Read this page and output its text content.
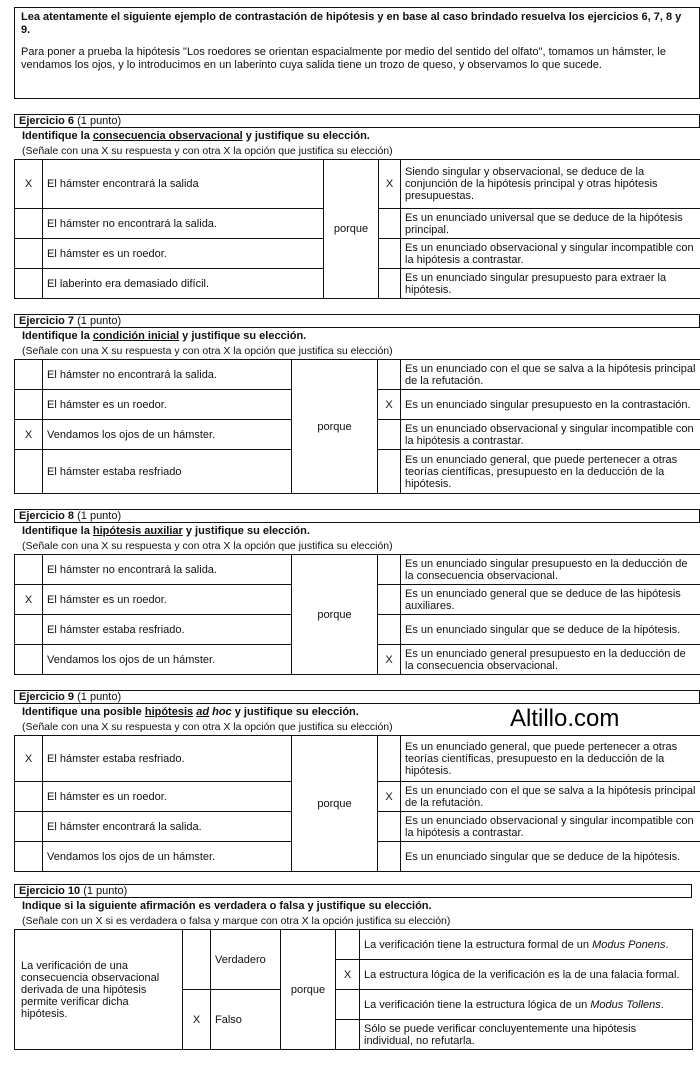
Lea atentamente el siguiente ejemplo de contrastación de hipótesis y en base al caso brindado resuelva los ejercicios 6, 7, 8 y 9.
Para poner a prueba la hipótesis "Los roedores se orientan espacialmente por medio del sentido del olfato", tomamos un hámster, le vendamos los ojos, y lo introducimos en un laberinto cuya salida tiene un trozo de queso, y observamos lo que sucede.
Ejercicio 6 (1 punto)
Identifique la consecuencia observacional y justifique su elección.
(Señale con una X su respuesta y con otra X la opción que justifica su elección)
X	El hámster encontrará la salida	porque	X	Siendo singular y observacional, se deduce de la conjunción de la hipótesis principal y otras hipótesis presupuestas.
	El hámster no encontrará la salida.			Es un enunciado universal que se deduce de la hipótesis principal.
	El hámster es un roedor.			Es un enunciado observacional y singular incompatible con la hipótesis a contrastar.
	El laberinto era demasiado difícil.			Es un enunciado singular presupuesto para extraer la hipótesis.
Ejercicio 7 (1 punto)
Identifique la condición inicial y justifique su elección.
(Señale con una X su respuesta y con otra X la opción que justifica su elección)
	El hámster no encontrará la salida.	porque		Es un enunciado con el que se salva a la hipótesis principal de la refutación.
	El hámster es un roedor.		X	Es un enunciado singular presupuesto en la contrastación.
X	Vendamos los ojos de un hámster.			Es un enunciado observacional y singular incompatible con la hipótesis a contrastar.
	El hámster estaba resfriado			Es un enunciado general, que puede pertenecer a otras teorías científicas, presupuesto en la deducción de la hipótesis.
Ejercicio 8 (1 punto)
Identifique la hipótesis auxiliar y justifique su elección.
(Señale con una X su respuesta y con otra X la opción que justifica su elección)
	El hámster no encontrará la salida.	porque		Es un enunciado singular presupuesto en la deducción de la consecuencia observacional.
X	El hámster es un roedor.			Es un enunciado general que se deduce de las hipótesis auxiliares.
	El hámster estaba resfriado.			Es un enunciado singular que se deduce de la hipótesis.
	Vendamos los ojos de un hámster.		X	Es un enunciado general presupuesto en la deducción de la consecuencia observacional.
Ejercicio 9 (1 punto)
Identifique una posible hipótesis ad hoc y justifique su elección.
(Señale con una X su respuesta y con otra X la opción que justifica su elección)	Altillo.com
X	El hámster estaba resfriado.	porque		Es un enunciado general, que puede pertenecer a otras teorías científicas, presupuesto en la deducción de la hipótesis.
	El hámster es un roedor.		X	Es un enunciado con el que se salva a la hipótesis principal de la refutación.
	El hámster encontrará la salida.			Es un enunciado observacional y singular incompatible con la hipótesis a contrastar.
	Vendamos los ojos de un hámster.			Es un enunciado singular que se deduce de la hipótesis.
Ejercicio 10 (1 punto)
Indique si la siguiente afirmación es verdadera o falsa y justifique su elección.
(Señale con un X si es verdadera o falsa y marque con otra X la opción justifica su elección)
La verificación de una consecuencia observacional derivada de una hipótesis permite verificar dicha hipótesis.		Verdadero	porque		La verificación tiene la estructura formal de un Modus Ponens.
				X	La estructura lógica de la verificación es la de una falacia formal.
	X	Falso			La verificación tiene la estructura lógica de un Modus Tollens.
					Sólo se puede verificar concluyentemente una hipótesis individual, no refutarla.
